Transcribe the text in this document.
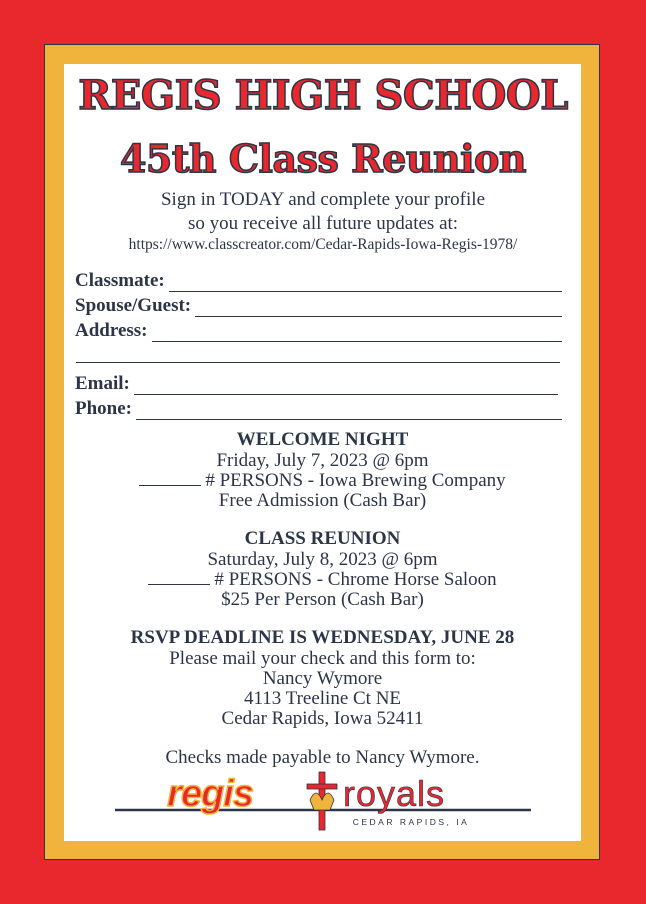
REGIS HIGH SCHOOL
45th Class Reunion
Sign in TODAY and complete your profile
so you receive all future updates at:
https://www.classcreator.com/Cedar-Rapids-Iowa-Regis-1978/
Classmate:
Spouse/Guest:
Address:
Email:
Phone:
WELCOME NIGHT
Friday, July 7, 2023 @ 6pm
# PERSONS - Iowa Brewing Company
Free Admission (Cash Bar)
CLASS REUNION
Saturday, July 8, 2023 @ 6pm
# PERSONS - Chrome Horse Saloon
$25 Per Person (Cash Bar)
RSVP DEADLINE IS WEDNESDAY, JUNE 28
Please mail your check and this form to:
Nancy Wymore
4113 Treeline Ct NE
Cedar Rapids, Iowa 52411
Checks made payable to Nancy Wymore.
regis	royals
CEDAR RAPIDS, IA
